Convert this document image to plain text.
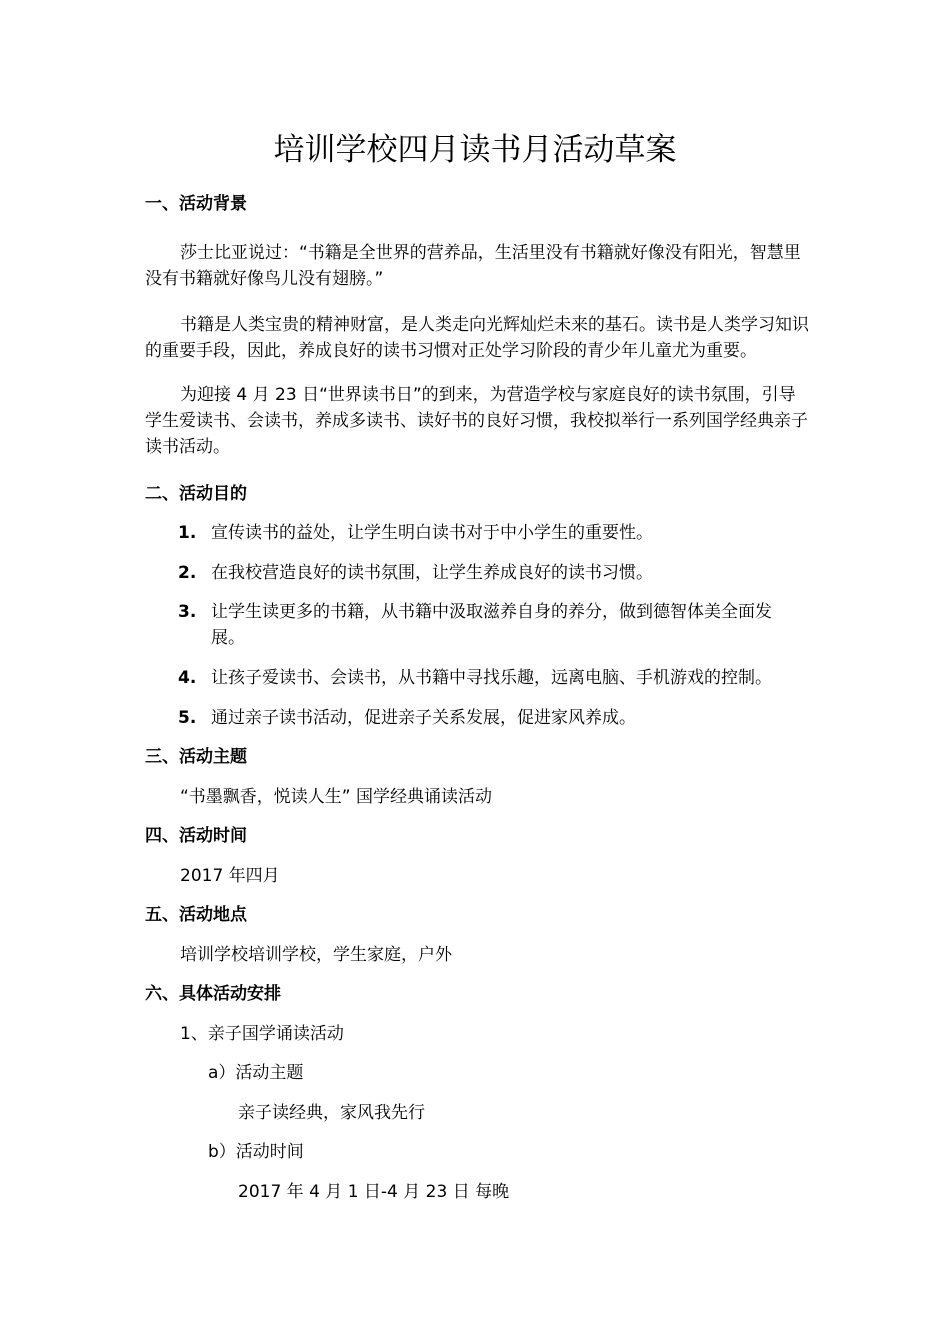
培训学校四月读书月活动草案
一、活动背景
莎士比亚说过：“书籍是全世界的营养品，生活里没有书籍就好像没有阳光，智慧里没有书籍就好像鸟儿没有翅膀。”
书籍是人类宝贵的精神财富，是人类走向光辉灿烂未来的基石。读书是人类学习知识的重要手段，因此，养成良好的读书习惯对正处学习阶段的青少年儿童尤为重要。
为迎接 4 月 23 日“世界读书日”的到来，为营造学校与家庭良好的读书氛围，引导学生爱读书、会读书，养成多读书、读好书的良好习惯，我校拟举行一系列国学经典亲子读书活动。
二、活动目的
1. 宣传读书的益处，让学生明白读书对于中小学生的重要性。
2. 在我校营造良好的读书氛围，让学生养成良好的读书习惯。
3. 让学生读更多的书籍，从书籍中汲取滋养自身的养分，做到德智体美全面发展。
4. 让孩子爱读书、会读书，从书籍中寻找乐趣，远离电脑、手机游戏的控制。
5. 通过亲子读书活动，促进亲子关系发展，促进家风养成。
三、活动主题
“书墨飘香，悦读人生” 国学经典诵读活动
四、活动时间
2017 年四月
五、活动地点
培训学校培训学校，学生家庭，户外
六、具体活动安排
1、亲子国学诵读活动
a）活动主题
亲子读经典，家风我先行
b）活动时间
2017 年 4 月 1 日-4 月 23 日 每晚
